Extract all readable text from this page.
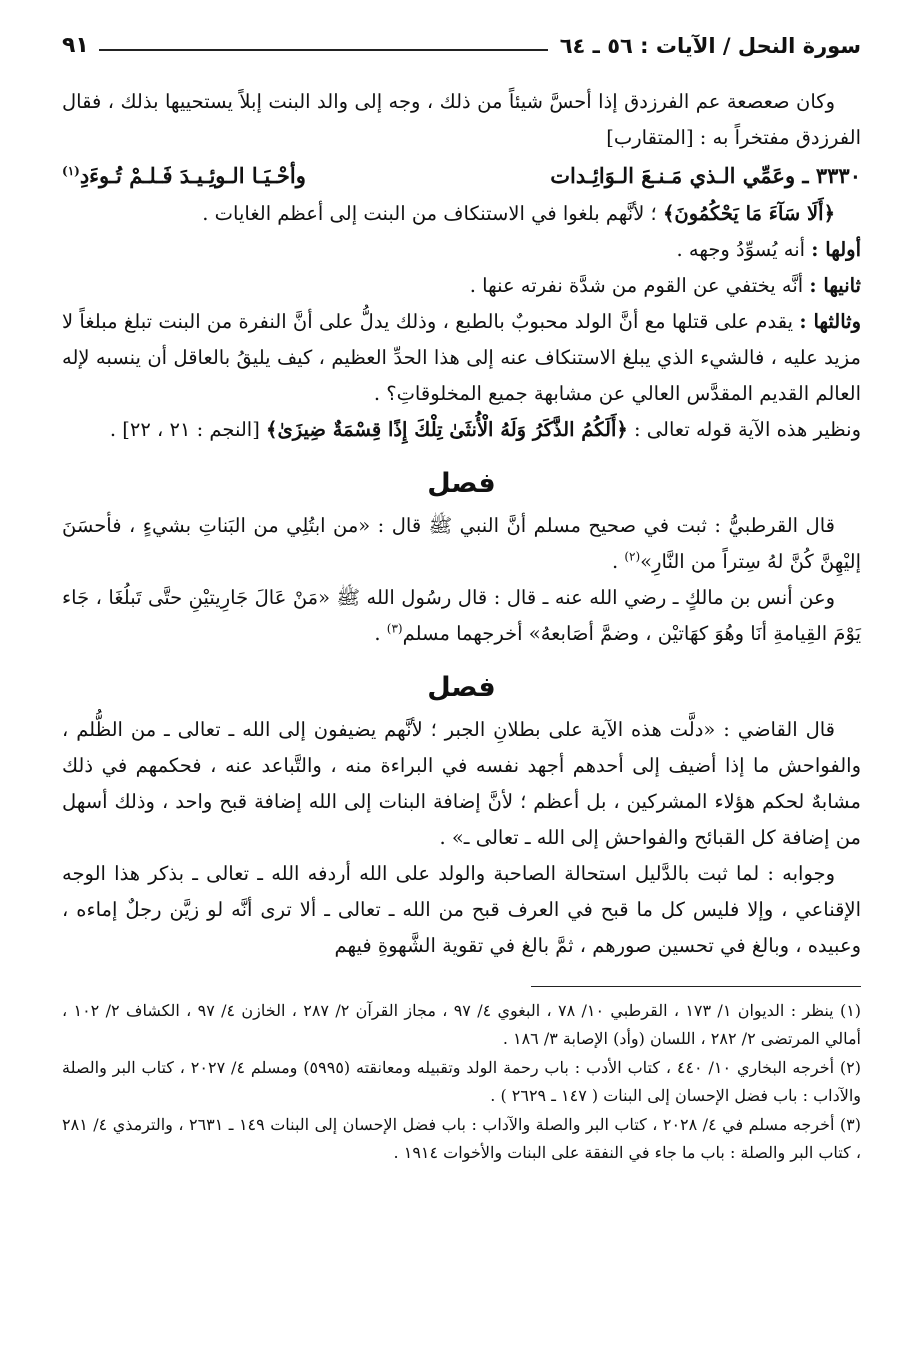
سورة النحل / الآيات : ٥٦ ـ ٦٤
٩١

وكان صعصعة عم الفرزدق إذا أحسَّ شيئاً من ذلك ، وجه إلى والد البنت إبلاً يستحييها بذلك ، فقال الفرزدق مفتخراً به : [المتقارب]

٣٣٣٠ ـ وعَمِّي الـذي مَـنـعَ الـوَائِـدات
وأحْـيَـا الـوئِـيـدَ فَـلـمْ تُـوءَدِ$^{(١)}$

﴿أَلَا سَآءَ مَا يَحْكُمُونَ﴾ ؛ لأنَّهم بلغوا في الاستنكاف من البنت إلى أعظم الغايات .

أولها : أنه يُسوِّدُ وجهه .

ثانيها : أنَّه يختفي عن القوم من شدَّة نفرته عنها .

وثالثها : يقدم على قتلها مع أنَّ الولد محبوبٌ بالطبع ، وذلك يدلُّ على أنَّ النفرة من البنت تبلغ مبلغاً لا مزيد عليه ، فالشيء الذي يبلغ الاستنكاف عنه إلى هذا الحدِّ العظيم ، كيف يليقُ بالعاقل أن ينسبه لإله العالم القديم المقدَّس العالي عن مشابهة جميع المخلوقاتِ؟ .

ونظير هذه الآية قوله تعالى : ﴿أَلَكُمُ الذَّكَرُ وَلَهُ الْأُنثَىٰ تِلْكَ إِذًا قِسْمَةٌ ضِيزَىٰ﴾ [النجم : ٢١ ، ٢٢] .

فصل

قال القرطبيُّ : ثبت في صحيح مسلم أنَّ النبي ﷺ قال : «من ابتُلِي من البَناتِ بشيءٍ ، فأحسَنَ إليْهِنَّ كُنَّ لهُ سِتراً من النَّارِ»$^{(٢)}$ .

وعن أنس بن مالكٍ ـ رضي الله عنه ـ قال : قال رسُول الله ﷺ «مَنْ عَالَ جَارِيتيْنِ حتَّى تَبلُغَا ، جَاء يَوْمَ القِيامةِ أنَا وهُوَ كهَاتيْن ، وضمَّ أصَابعهُ» أخرجهما مسلم$^{(٣)}$ .

فصل

قال القاضي : «دلَّت هذه الآية على بطلانِ الجبر ؛ لأنَّهم يضيفون إلى الله ـ تعالى ـ من الظُّلم ، والفواحش ما إذا أضيف إلى أحدهم أجهد نفسه في البراءة منه ، والتَّباعد عنه ، فحكمهم في ذلك مشابهٌ لحكم هؤلاء المشركين ، بل أعظم ؛ لأنَّ إضافة البنات إلى الله إضافة قبح واحد ، وذلك أسهل من إضافة كل القبائح والفواحش إلى الله ـ تعالى ـ» .

وجوابه : لما ثبت بالدَّليل استحالة الصاحبة والولد على الله أردفه الله ـ تعالى ـ بذكر هذا الوجه الإقناعي ، وإلا فليس كل ما قبح في العرف قبح من الله ـ تعالى ـ ألا ترى أنَّه لو زيَّن رجلٌ إماءه ، وعبيده ، وبالغ في تحسين صورهم ، ثمَّ بالغ في تقوية الشَّهوةِ فيهم

(١) ينظر : الديوان ١/ ١٧٣ ، القرطبي ١٠/ ٧٨ ، البغوي ٤/ ٩٧ ، مجاز القرآن ٢/ ٢٨٧ ، الخازن ٤/ ٩٧ ، الكشاف ٢/ ١٠٢ ، أمالي المرتضى ٢/ ٢٨٢ ، اللسان (وأد) الإصابة ٣/ ١٨٦ .

(٢) أخرجه البخاري ١٠/ ٤٤٠ ، كتاب الأدب : باب رحمة الولد وتقبيله ومعانقته (٥٩٩٥) ومسلم ٤/ ٢٠٢٧ ، كتاب البر والصلة والآداب : باب فضل الإحسان إلى البنات ( ١٤٧ ـ ٢٦٢٩ ) .

(٣) أخرجه مسلم في ٤/ ٢٠٢٨ ، كتاب البر والصلة والآداب : باب فضل الإحسان إلى البنات ١٤٩ ـ ٢٦٣١ ، والترمذي ٤/ ٢٨١ ، كتاب البر والصلة : باب ما جاء في النفقة على البنات والأخوات ١٩١٤ .
